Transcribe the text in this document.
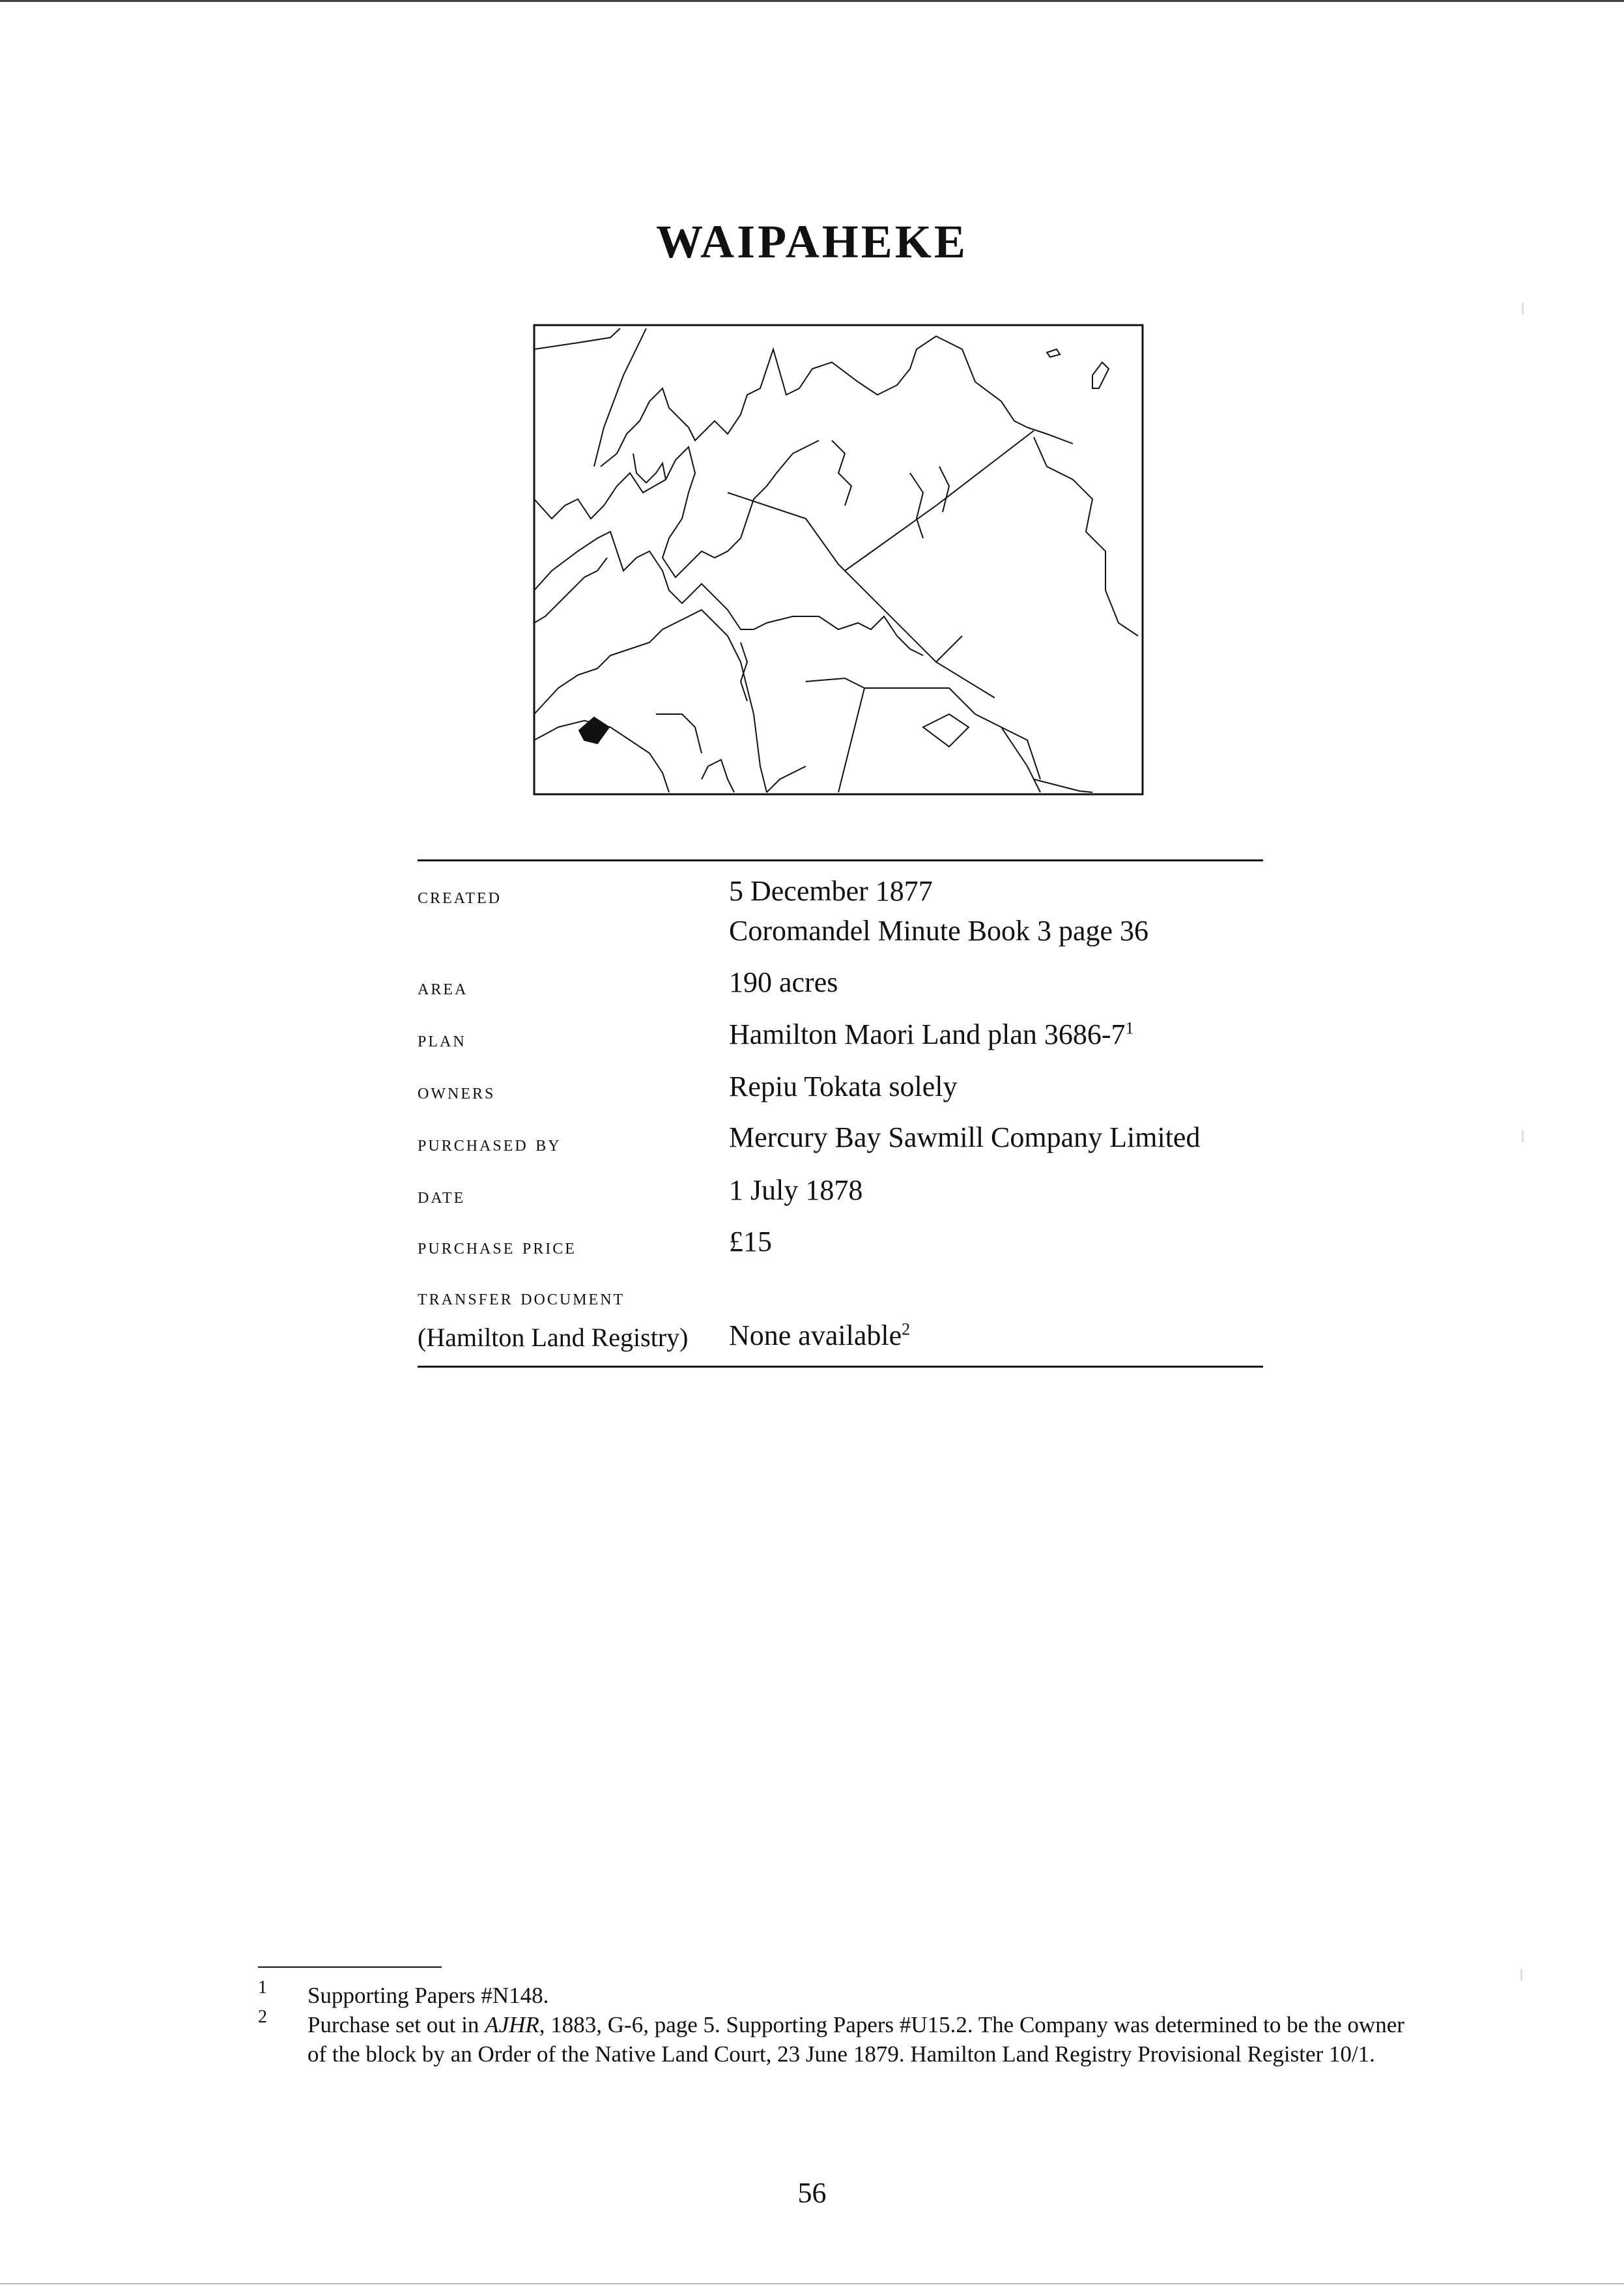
WAIPAHEKE
created	5 December 1877
Coromandel Minute Book 3 page 36
area	190 acres
plan	Hamilton Maori Land plan $3686-7^1$
owners	Repiu Tokata solely
purchased by	Mercury Bay Sawmill Company Limited
date	1 July 1878
purchase price	£15
transfer document
(Hamilton Land Registry) None available$^2$
1 Supporting Papers #N148.
2 Purchase set out in AJHR, 1883, G-6, page 5. Supporting Papers #U15.2. The Company was determined to be the owner of the block by an Order of the Native Land Court, 23 June 1879. Hamilton Land Registry Provisional Register 10/1.
56
